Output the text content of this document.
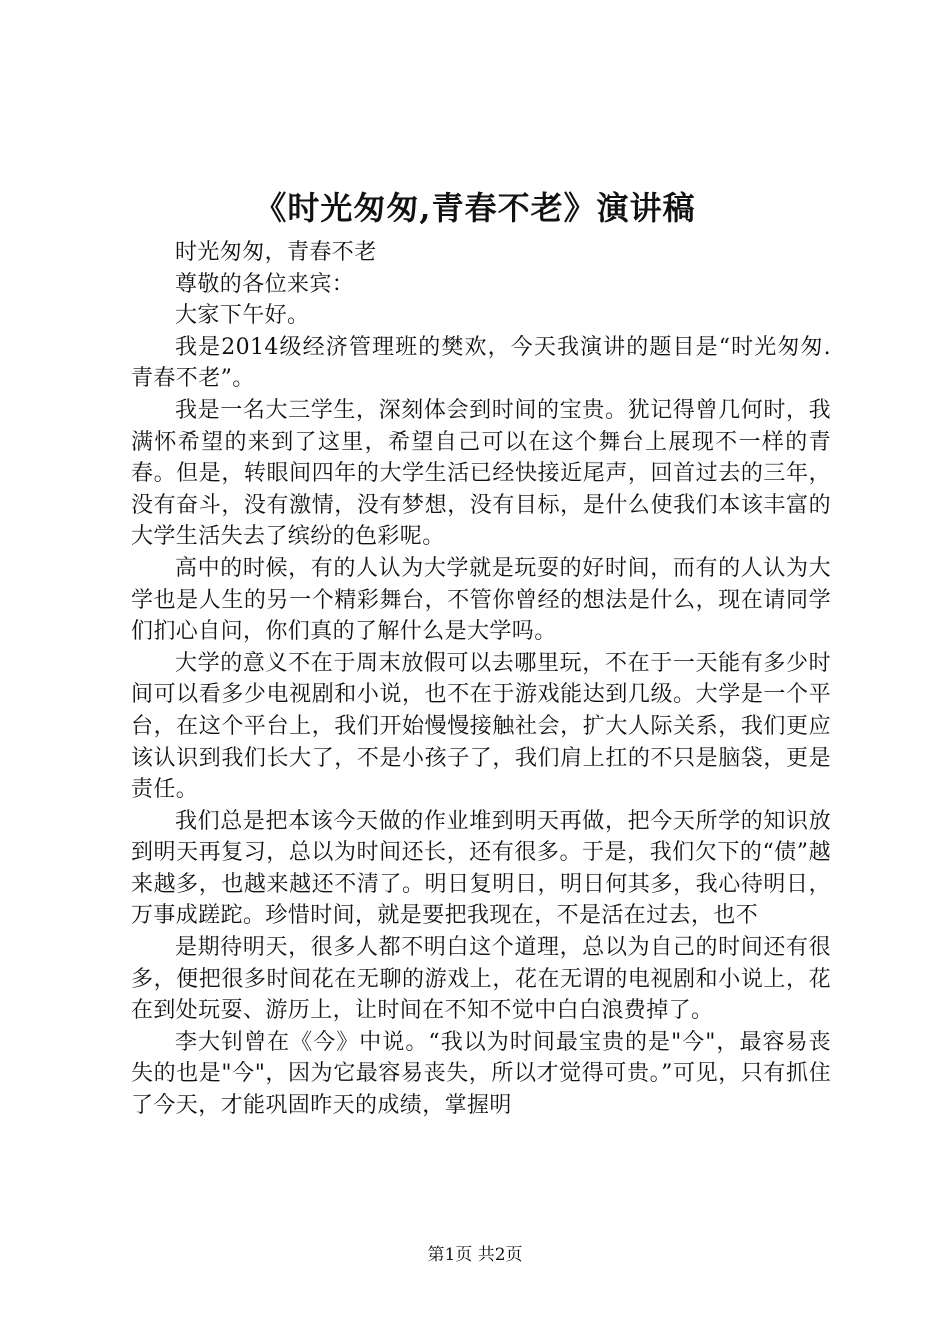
《时光匆匆,青春不老》演讲稿

时光匆匆，青春不老

尊敬的各位来宾：

大家下午好。

我是2014级经济管理班的樊欢，今天我演讲的题目是“时光匆匆.青春不老”。

我是一名大三学生，深刻体会到时间的宝贵。犹记得曾几何时，我满怀希望的来到了这里，希望自己可以在这个舞台上展现不一样的青春。但是，转眼间四年的大学生活已经快接近尾声，回首过去的三年，没有奋斗，没有激情，没有梦想，没有目标，是什么使我们本该丰富的大学生活失去了缤纷的色彩呢。

高中的时候，有的人认为大学就是玩耍的好时间，而有的人认为大学也是人生的另一个精彩舞台，不管你曾经的想法是什么，现在请同学们扪心自问，你们真的了解什么是大学吗。

大学的意义不在于周末放假可以去哪里玩，不在于一天能有多少时间可以看多少电视剧和小说，也不在于游戏能达到几级。大学是一个平台，在这个平台上，我们开始慢慢接触社会，扩大人际关系，我们更应该认识到我们长大了，不是小孩子了，我们肩上扛的不只是脑袋，更是责任。

我们总是把本该今天做的作业堆到明天再做，把今天所学的知识放到明天再复习，总以为时间还长，还有很多。于是，我们欠下的“债”越来越多，也越来越还不清了。明日复明日，明日何其多，我心待明日，万事成蹉跎。珍惜时间，就是要把我现在，不是活在过去，也不

是期待明天，很多人都不明白这个道理，总以为自己的时间还有很多，便把很多时间花在无聊的游戏上，花在无谓的电视剧和小说上，花在到处玩耍、游历上，让时间在不知不觉中白白浪费掉了。

李大钊曾在《今》中说。“我以为时间最宝贵的是"今"，最容易丧失的也是"今"，因为它最容易丧失，所以才觉得可贵。”可见，只有抓住了今天，才能巩固昨天的成绩，掌握明

第1页 共2页
